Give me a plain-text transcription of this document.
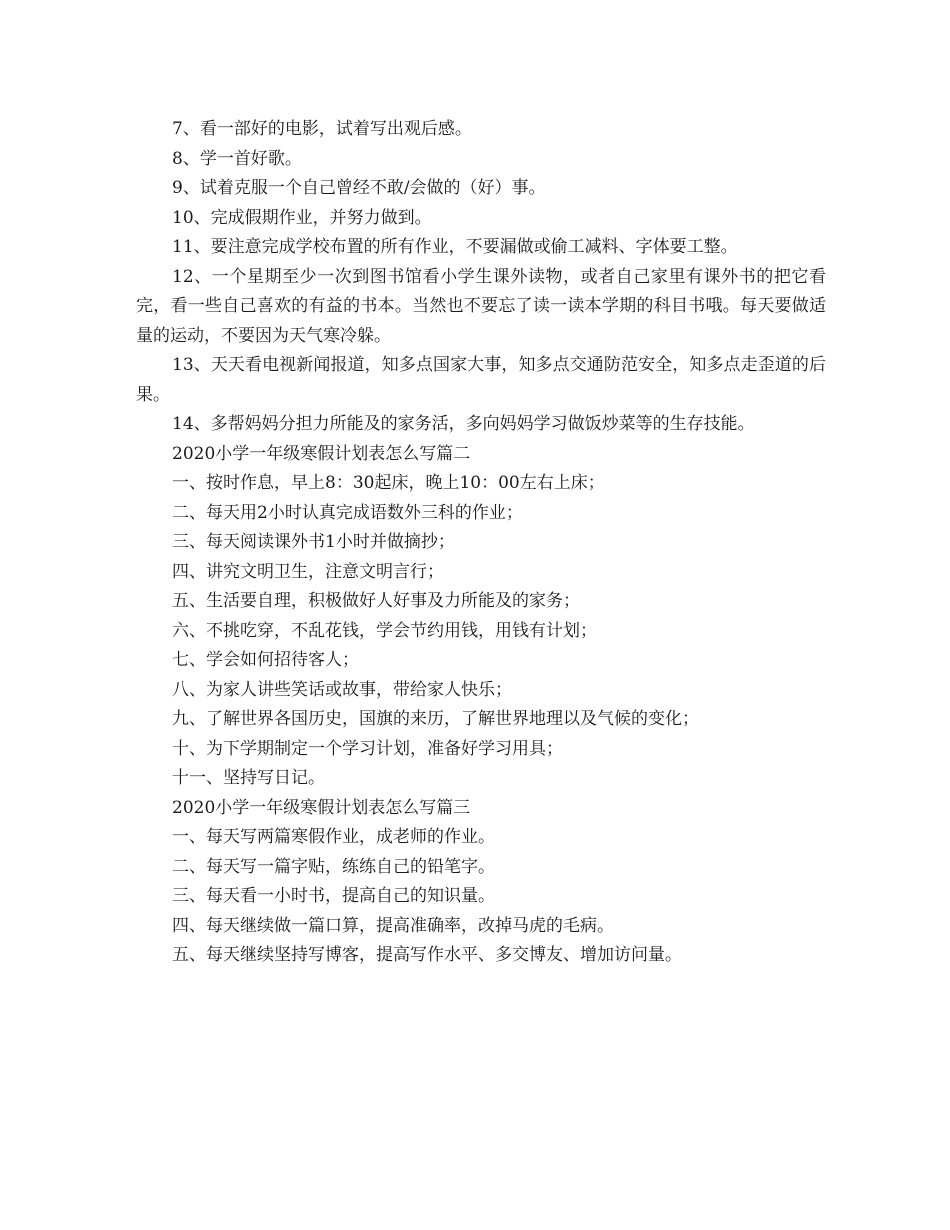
7、看一部好的电影，试着写出观后感。

8、学一首好歌。

9、试着克服一个自己曾经不敢/会做的（好）事。

10、完成假期作业，并努力做到。

11、要注意完成学校布置的所有作业，不要漏做或偷工减料、字体要工整。

12、一个星期至少一次到图书馆看小学生课外读物，或者自己家里有课外书的把它看完，看一些自己喜欢的有益的书本。当然也不要忘了读一读本学期的科目书哦。每天要做适量的运动，不要因为天气寒冷躲。

13、天天看电视新闻报道，知多点国家大事，知多点交通防范安全，知多点走歪道的后果。

14、多帮妈妈分担力所能及的家务活，多向妈妈学习做饭炒菜等的生存技能。

2020小学一年级寒假计划表怎么写篇二

一、按时作息，早上8：30起床，晚上10：00左右上床；

二、每天用2小时认真完成语数外三科的作业；

三、每天阅读课外书1小时并做摘抄；

四、讲究文明卫生，注意文明言行；

五、生活要自理，积极做好人好事及力所能及的家务；

六、不挑吃穿，不乱花钱，学会节约用钱，用钱有计划；

七、学会如何招待客人；

八、为家人讲些笑话或故事，带给家人快乐；

九、了解世界各国历史，国旗的来历，了解世界地理以及气候的变化；

十、为下学期制定一个学习计划，准备好学习用具；

十一、坚持写日记。

2020小学一年级寒假计划表怎么写篇三

一、每天写两篇寒假作业，成老师的作业。

二、每天写一篇字贴，练练自己的铅笔字。

三、每天看一小时书，提高自己的知识量。

四、每天继续做一篇口算，提高准确率，改掉马虎的毛病。

五、每天继续坚持写博客，提高写作水平、多交博友、增加访问量。
